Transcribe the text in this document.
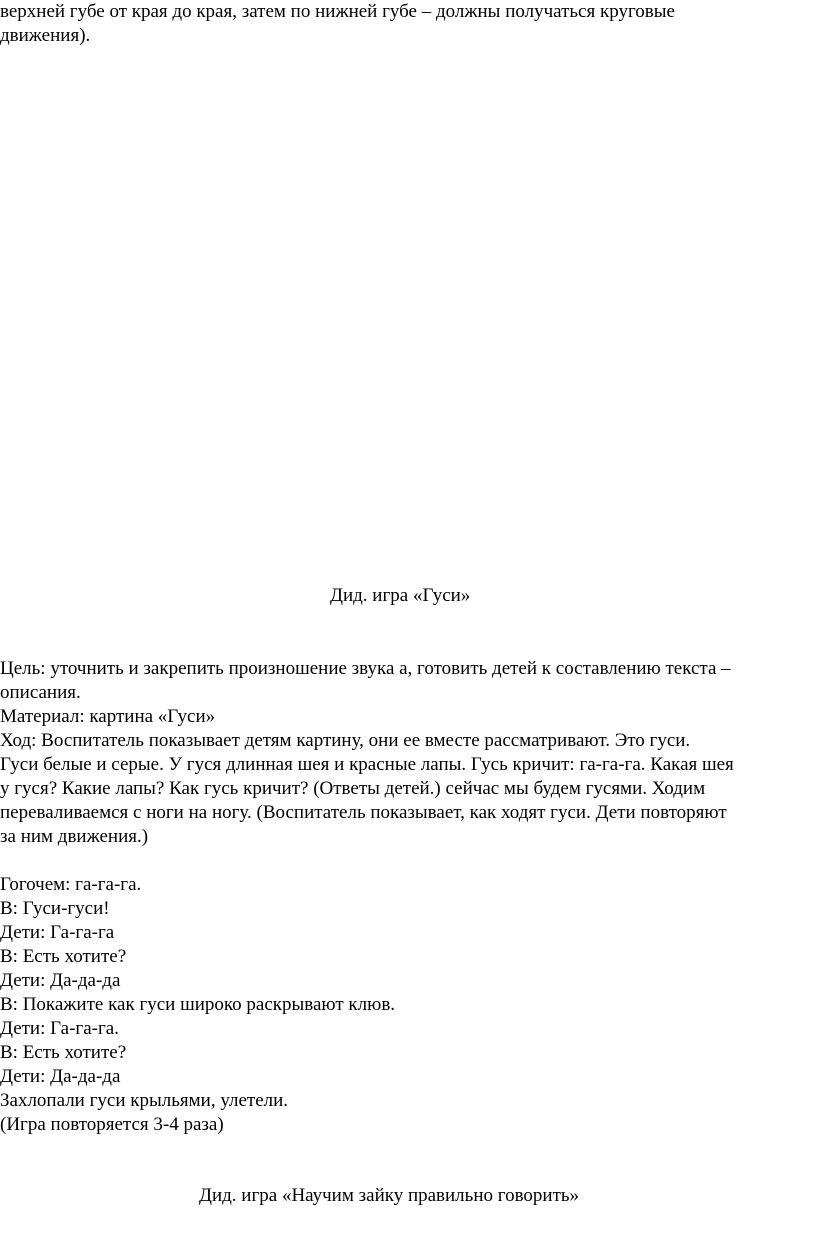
верхней губе от края до края, затем по нижней губе – должны получаться круговые
движения).
Дид. игра «Гуси»
Цель: уточнить и закрепить произношение звука а, готовить детей к составлению текста –
описания.
Материал: картина «Гуси»
Ход: Воспитатель показывает детям картину, они ее вместе рассматривают. Это гуси.
Гуси белые и серые. У гуся длинная шея и красные лапы. Гусь кричит: га-га-га. Какая шея
у гуся? Какие лапы? Как гусь кричит? (Ответы детей.) сейчас мы будем гусями. Ходим
переваливаемся с ноги на ногу. (Воспитатель показывает, как ходят гуси. Дети повторяют
за ним движения.)
Гогочем: га-га-га.
В: Гуси-гуси!
Дети: Га-га-га
В: Есть хотите?
Дети: Да-да-да
В: Покажите как гуси широко раскрывают клюв.
Дети: Га-га-га.
В: Есть хотите?
Дети: Да-да-да
Захлопали гуси крыльями, улетели.
(Игра повторяется 3-4 раза)
Дид. игра «Научим зайку правильно говорить»
